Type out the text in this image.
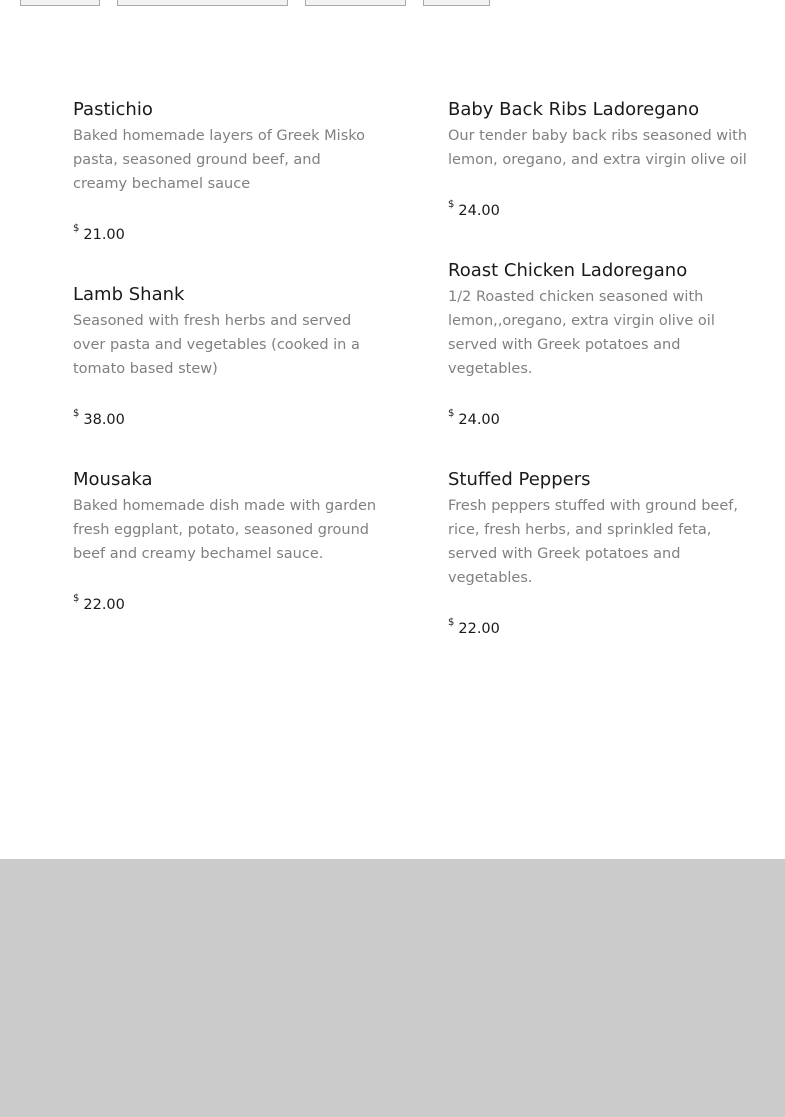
Pastichio
Baked homemade layers of Greek Misko pasta, seasoned ground beef, and creamy bechamel sauce
$ 21.00
Lamb Shank
Seasoned with fresh herbs and served over pasta and vegetables (cooked in a tomato based stew)
$ 38.00
Mousaka
Baked homemade dish made with garden fresh eggplant, potato, seasoned ground beef and creamy bechamel sauce.
$ 22.00
Baby Back Ribs Ladoregano
Our tender baby back ribs seasoned with lemon, oregano, and extra virgin olive oil
$ 24.00
Roast Chicken Ladoregano
1/2 Roasted chicken seasoned with lemon,,oregano, extra virgin olive oil served with Greek potatoes and vegetables.
$ 24.00
Stuffed Peppers
Fresh peppers stuffed with ground beef, rice, fresh herbs, and sprinkled feta, served with Greek potatoes and vegetables.
$ 22.00
